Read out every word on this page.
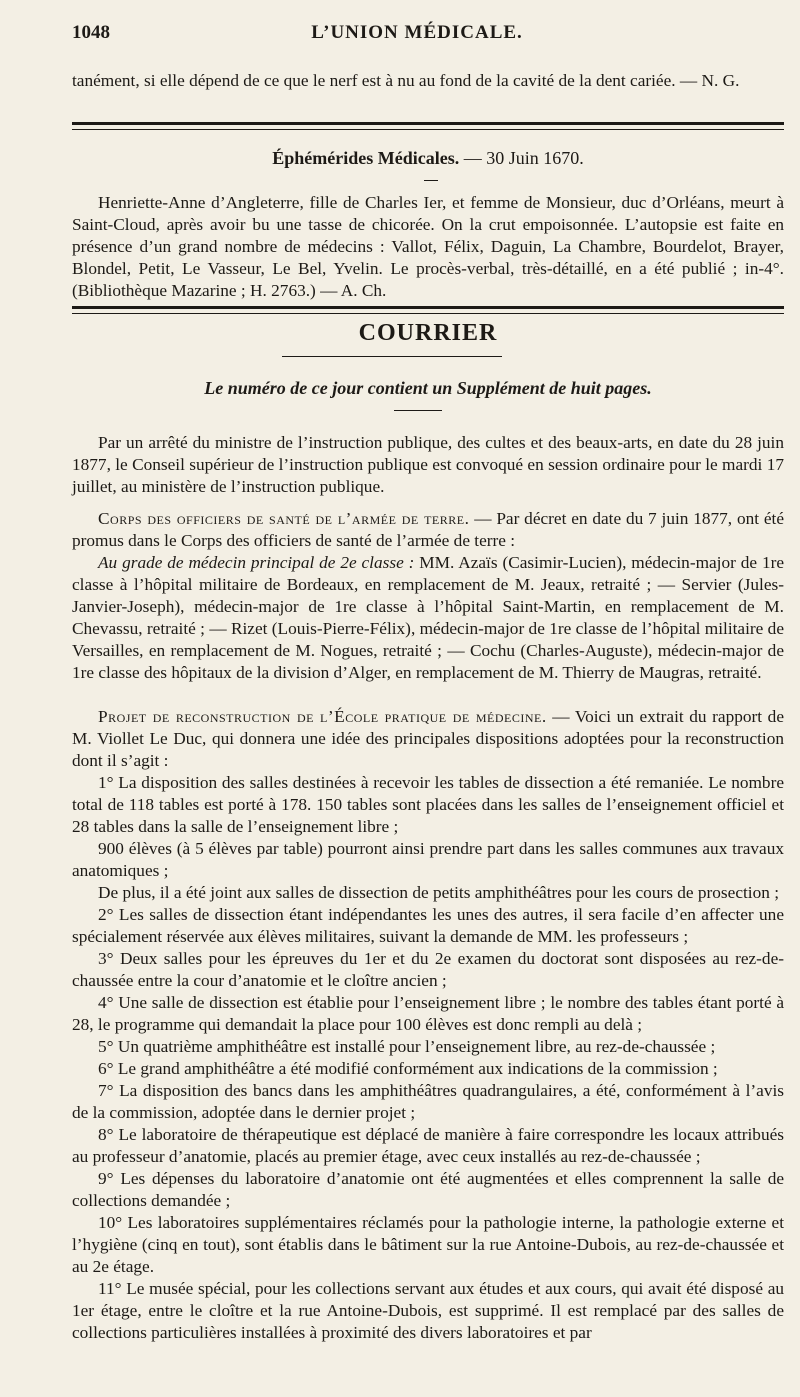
1048	L’UNION MÉDICALE.

tanément, si elle dépend de ce que le nerf est à nu au fond de la cavité de la dent cariée. — N. G.

Éphémérides Médicales. — 30 Juin 1670.

Henriette-Anne d’Angleterre, fille de Charles Ier, et femme de Monsieur, duc d’Orléans, meurt à Saint-Cloud, après avoir bu une tasse de chicorée. On la crut empoisonnée. L’autopsie est faite en présence d’un grand nombre de médecins : Vallot, Félix, Daguin, La Chambre, Bourdelot, Brayer, Blondel, Petit, Le Vasseur, Le Bel, Yvelin. Le procès-verbal, très-détaillé, en a été publié ; in-4°. (Bibliothèque Mazarine ; H. 2763.) — A. Ch.

COURRIER
Le numéro de ce jour contient un Supplément de huit pages.

Par un arrêté du ministre de l’instruction publique, des cultes et des beaux-arts, en date du 28 juin 1877, le Conseil supérieur de l’instruction publique est convoqué en session ordinaire pour le mardi 17 juillet, au ministère de l’instruction publique.

Corps des officiers de santé de l’armée de terre. — Par décret en date du 7 juin 1877, ont été promus dans le Corps des officiers de santé de l’armée de terre :

Au grade de médecin principal de 2e classe : MM. Azaïs (Casimir-Lucien), médecin-major de 1re classe à l’hôpital militaire de Bordeaux, en remplacement de M. Jeaux, retraité ; — Servier (Jules-Janvier-Joseph), médecin-major de 1re classe à l’hôpital Saint-Martin, en remplacement de M. Chevassu, retraité ; — Rizet (Louis-Pierre-Félix), médecin-major de 1re classe de l’hôpital militaire de Versailles, en remplacement de M. Nogues, retraité ; — Cochu (Charles-Auguste), médecin-major de 1re classe des hôpitaux de la division d’Alger, en remplacement de M. Thierry de Maugras, retraité.

Projet de reconstruction de l’École pratique de médecine. — Voici un extrait du rapport de M. Viollet Le Duc, qui donnera une idée des principales dispositions adoptées pour la reconstruction dont il s’agit :

1° La disposition des salles destinées à recevoir les tables de dissection a été remaniée. Le nombre total de 118 tables est porté à 178. 150 tables sont placées dans les salles de l’enseignement officiel et 28 tables dans la salle de l’enseignement libre ;

900 élèves (à 5 élèves par table) pourront ainsi prendre part dans les salles communes aux travaux anatomiques ;

De plus, il a été joint aux salles de dissection de petits amphithéâtres pour les cours de prosection ;

2° Les salles de dissection étant indépendantes les unes des autres, il sera facile d’en affecter une spécialement réservée aux élèves militaires, suivant la demande de MM. les professeurs ;

3° Deux salles pour les épreuves du 1er et du 2e examen du doctorat sont disposées au rez-de-chaussée entre la cour d’anatomie et le cloître ancien ;

4° Une salle de dissection est établie pour l’enseignement libre ; le nombre des tables étant porté à 28, le programme qui demandait la place pour 100 élèves est donc rempli au delà ;

5° Un quatrième amphithéâtre est installé pour l’enseignement libre, au rez-de-chaussée ;

6° Le grand amphithéâtre a été modifié conformément aux indications de la commission ;

7° La disposition des bancs dans les amphithéâtres quadrangulaires, a été, conformément à l’avis de la commission, adoptée dans le dernier projet ;

8° Le laboratoire de thérapeutique est déplacé de manière à faire correspondre les locaux attribués au professeur d’anatomie, placés au premier étage, avec ceux installés au rez-de-chaussée ;

9° Les dépenses du laboratoire d’anatomie ont été augmentées et elles comprennent la salle de collections demandée ;

10° Les laboratoires supplémentaires réclamés pour la pathologie interne, la pathologie externe et l’hygiène (cinq en tout), sont établis dans le bâtiment sur la rue Antoine-Dubois, au rez-de-chaussée et au 2e étage.

11° Le musée spécial, pour les collections servant aux études et aux cours, qui avait été disposé au 1er étage, entre le cloître et la rue Antoine-Dubois, est supprimé. Il est remplacé par des salles de collections particulières installées à proximité des divers laboratoires et par
